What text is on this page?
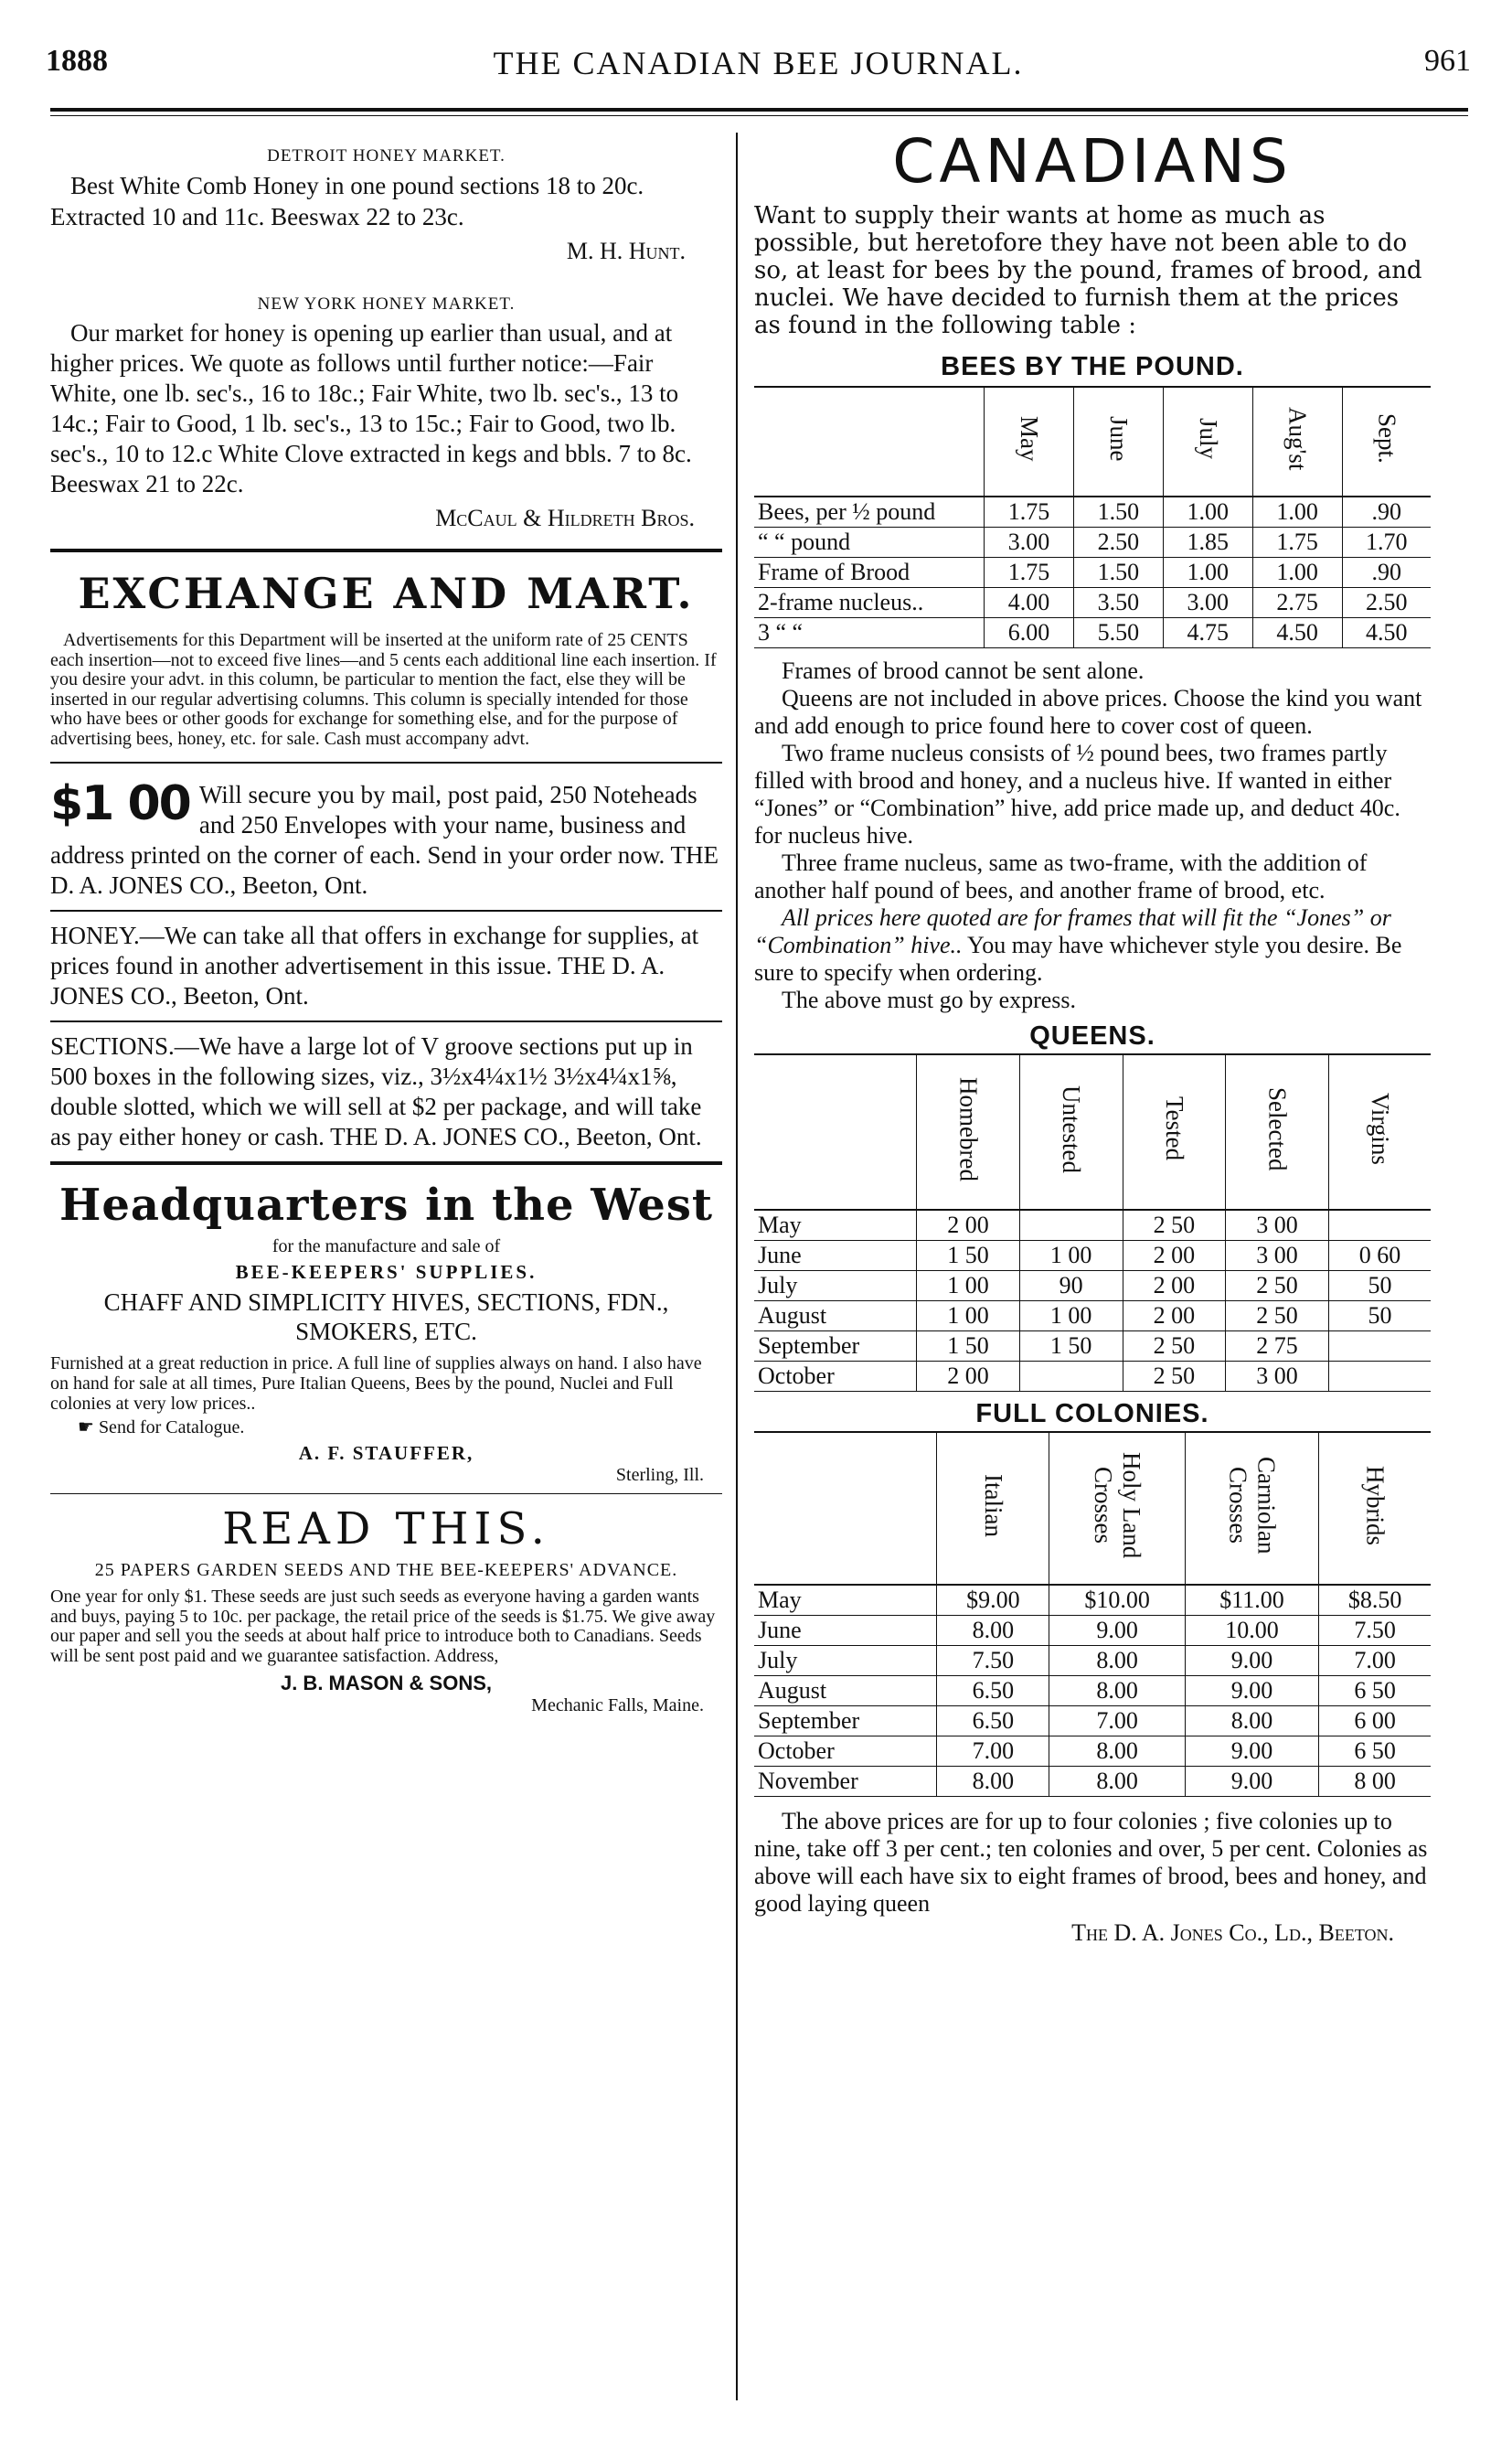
1888	THE CANADIAN BEE JOURNAL.	961
DETROIT HONEY MARKET.

Best White Comb Honey in one pound sections 18 to 20c. Extracted 10 and 11c. Beeswax 22 to 23c.

M. H. Hunt.
NEW YORK HONEY MARKET.

Our market for honey is opening up earlier than usual, and at higher prices. We quote as follows until further notice:—Fair White, one lb. sec's., 16 to 18c.; Fair White, two lb. sec's., 13 to 14c.; Fair to Good, 1 lb. sec's., 13 to 15c.; Fair to Good, two lb. sec's., 10 to 12.c White Clove extracted in kegs and bbls. 7 to 8c. Beeswax 21 to 22c.

McCaul & Hildreth Bros.
EXCHANGE AND MART.

Advertisements for this Department will be inserted at the uniform rate of 25 CENTS each insertion—not to exceed five lines—and 5 cents each additional line each insertion. If you desire your advt. in this column, be particular to mention the fact, else they will be inserted in our regular advertising columns. This column is specially intended for those who have bees or other goods for exchange for something else, and for the purpose of advertising bees, honey, etc. for sale. Cash must accompany advt.

$1 00 Will secure you by mail, post paid, 250 Noteheads and 250 Envelopes with your name, business and address printed on the corner of each. Send in your order now. THE D. A. JONES CO., Beeton, Ont.

HONEY.—We can take all that offers in exchange for supplies, at prices found in another advertisement in this issue. THE D. A. JONES CO., Beeton, Ont.

SECTIONS.—We have a large lot of V groove sections put up in 500 boxes in the following sizes, viz., 3½x4¼x1½ 3½x4¼x1⅝, double slotted, which we will sell at $2 per package, and will take as pay either honey or cash. THE D. A. JONES CO., Beeton, Ont.

Headquarters in the West
for the manufacture and sale of
BEE-KEEPERS' SUPPLIES.
CHAFF AND SIMPLICITY HIVES, SECTIONS, FDN., SMOKERS, ETC.

Furnished at a great reduction in price. A full line of supplies always on hand. I also have on hand for sale at all times, Pure Italian Queens, Bees by the pound, Nuclei and Full colonies at very low prices..

☛ Send for Catalogue.
A. F. STAUFFER,
Sterling, Ill.
READ THIS.
25 PAPERS GARDEN SEEDS AND THE BEE-KEEPERS' ADVANCE.

One year for only $1. These seeds are just such seeds as everyone having a garden wants and buys, paying 5 to 10c. per package, the retail price of the seeds is $1.75. We give away our paper and sell you the seeds at about half price to introduce both to Canadians. Seeds will be sent post paid and we guarantee satisfaction. Address,

J. B. MASON & SONS,
Mechanic Falls, Maine.
CANADIANS

Want to supply their wants at home as much as possible, but heretofore they have not been able to do so, at least for bees by the pound, frames of brood, and nuclei. We have decided to furnish them at the prices as found in the following table :

BEES BY THE POUND.
	May	June	July	Aug'st	Sept.
Bees, per ½ pound	1.75	1.50	1.00	1.00	.90
“ “ pound	3.00	2.50	1.85	1.75	1.70
Frame of Brood	1.75	1.50	1.00	1.00	.90
2-frame nucleus..	4.00	3.50	3.00	2.75	2.50
3 “ “	6.00	5.50	4.75	4.50	4.50

Frames of brood cannot be sent alone.

Queens are not included in above prices. Choose the kind you want and add enough to price found here to cover cost of queen.

Two frame nucleus consists of ½ pound bees, two frames partly filled with brood and honey, and a nucleus hive. If wanted in either “Jones” or “Combination” hive, add price made up, and deduct 40c. for nucleus hive.

Three frame nucleus, same as two-frame, with the addition of another half pound of bees, and another frame of brood, etc.

All prices here quoted are for frames that will fit the “Jones” or “Combination” hive.. You may have whichever style you desire. Be sure to specify when ordering.

The above must go by express.

QUEENS.
	Homebred	Untested	Tested	Selected	Virgins
May	2 00		2 50	3 00	
June	1 50	1 00	2 00	3 00	0 60
July	1 00	90	2 00	2 50	50
August	1 00	1 00	2 00	2 50	50
September	1 50	1 50	2 50	2 75	
October	2 00		2 50	3 00	
FULL COLONIES.
	Italian	Holy Land Crosses	Carniolan Crosses	Hybrids
May	$9.00	$10.00	$11.00	$8.50
June	8.00	9.00	10.00	7.50
July	7.50	8.00	9.00	7.00
August	6.50	8.00	9.00	6 50
September	6.50	7.00	8.00	6 00
October	7.00	8.00	9.00	6 50
November	8.00	8.00	9.00	8 00

The above prices are for up to four colonies ; five colonies up to nine, take off 3 per cent.; ten colonies and over, 5 per cent. Colonies as above will each have six to eight frames of brood, bees and honey, and good laying queen

The D. A. Jones Co., Ld., Beeton.
